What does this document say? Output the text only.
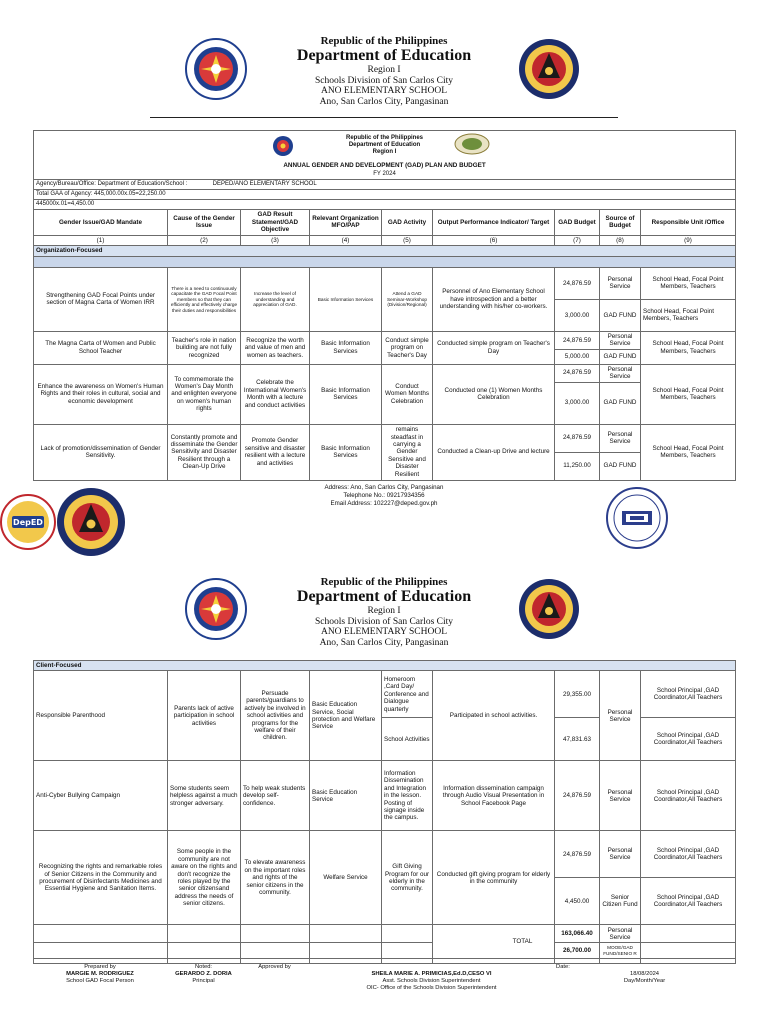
Republic of the Philippines
Department of Education
Region I
Schools Division of San Carlos City
ANO ELEMENTARY SCHOOL
Ano, San Carlos City, Pangasinan
Republic of the Philippines
Department of Education
Region I								

ANNUAL GENDER AND DEVELOPMENT (GAD) PLAN AND BUDGET								
FY 2024								
Agency/Bureau/Office: Department of Education/School : DEPED/ANO ELEMENTARY SCHOOL								
Total GAA of Agency: 445,000.00x.05=22,250.00								
445000x.01=4,450.00								
Gender Issue/GAD Mandate	Cause of the Gender Issue	GAD Result Statement/GAD Objective	Relevant Organization MFO/PAP	GAD Activity	Output Performance Indicator/ Target	GAD Budget	Source of Budget	Responsible Unit /Office
(1)	(2)	(3)	(4)	(5)	(6)	(7)	(8)	(9)
Organization-Focused								

Strengthening GAD Focal Points under section of Magna Carta of Women IRR	There is a need to continuously capacitate the GAD Focal Point members so that they can efficiently and effectively charge their duties and responsibilities	Increase the level of understanding and appreciation of GAD.	Basic Information Services	Attend a GAD Seminar-Workshop (Division/Regional)	Personnel of Ano Elementary School have introspection and a better understanding with his/her co-workers.	24,876.59	Personal Service	School Head, Focal Point Members, Teachers
						3,000.00	GAD FUND	School Head, Focal Point Members, Teachers
The Magna Carta of Women and Public School Teacher	Teacher's role in nation building are not fully recognized	Recognize the worth and value of men and women as teachers.	Basic Information Services	Conduct simple program on Teacher's Day	Conducted simple program on Teacher's Day	24,876.59	Personal Service	School Head, Focal Point Members, Teachers
						5,000.00	GAD FUND	
Enhance the awareness on Women's Human Rights and their roles in cultural, social and economic development	To commemorate the Women's Day Month and enlighten everyone on women's human rights	Celebrate the International Women's Month with a lecture and conduct activities	Basic Information Services	Conduct Women Months Celebration	Conducted one (1) Women Months Celebration	24,876.59	Personal Service	School Head, Focal Point Members, Teachers
						3,000.00	GAD FUND	
Lack of promotion/dissemination of Gender Sensitivity.	Constantly promote and disseminate the Gender Sensitivity and Disaster Resilient through a Clean-Up Drive	Promote Gender sensitive and disaster resilient with a lecture and activities	Basic Information Services	remains steadfast in carrying a Gender Sensitive and Disaster Resilient	Conducted a Clean-up Drive and lecture	24,876.59	Personal Service	School Head, Focal Point Members, Teachers
						11,250.00	GAD FUND	
DepED
Address: Ano, San Carlos City, Pangasinan
Telephone No.: 09217934356
Email Address: 102227@deped.gov.ph
Republic of the Philippines
Department of Education
Region I
Schools Division of San Carlos City
ANO ELEMENTARY SCHOOL
Ano, San Carlos City, Pangasinan
Client-Focused								
Responsible Parenthood	Parents lack of active participation in school activities	Persuade parents/guardians to actively be involved in school activities and programs for the welfare of their children.	Basic Education Service, Social protection and Welfare Service	Homeroom ,Card Day/ Conference and Dialogue quarterly	Participated in school activities.	29,355.00	Personal Service	School Principal ,GAD Coordinator,All Teachers
				School Activities		47,831.63		School Principal ,GAD Coordinator,All Teachers
Anti-Cyber Bullying Campaign	Some students seem helpless against a much stronger adversary.	To help weak students develop self-confidence.	Basic Education Service	Information Dissemination and Integration in the lesson. Posting of signage inside the campus.	Information dissemination campaign through Audio Visual Presentation in School Facebook Page	24,876.59	Personal Service	School Principal ,GAD Coordinator,All Teachers
Recognizing the rights and remarkable roles of Senior Citizens in the Community and procurement of Disinfectants Medicines and Essential Hygiene and Sanitation Items.	Some people in the community are not aware on the rights and don't recognize the roles played by the senior citizensand address the needs of senior citizens.	To elevate awareness on the important roles and rights of the senior citizens in the community.	Welfare Service	Gift Giving Program for our elderly in the community.	Conducted gift giving program for elderly in the community	24,876.59	Personal Service	School Principal ,GAD Coordinator,All Teachers
						4,450.00	Senior Citizen Fund	School Principal ,GAD Coordinator,All Teachers
					TOTAL	163,066.40	Personal Service	
						26,700.00	MOOE/GAD FUND/SENIO R	

Prepared by	Noted:	Approved by		Date:

MARGIE M. RODRIGUEZ	GERARDO Z. DORIA		SHEILA MARIE A. PRIMICIAS,Ed.D,CESO VI	18/08/2024
School GAD Focal Person	Principal		Asst. Schools Division Superintendent	Day/Month/Year
			OIC- Office of the Schools Division Superintendent	
